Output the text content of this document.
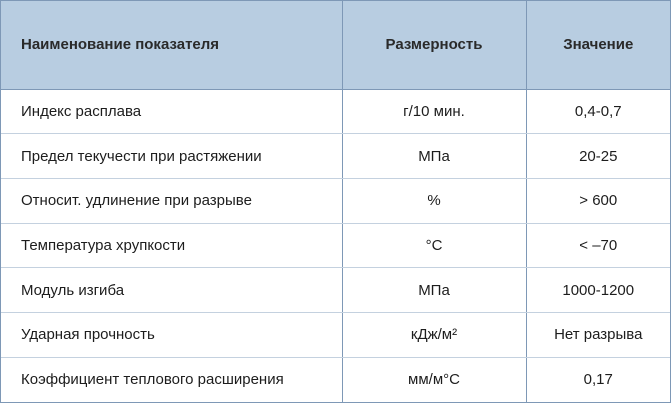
Наименование показателя	Размерность	Значение
Индекс расплава	г/10 мин.	0,4-0,7
Предел текучести при растяжении	МПа	20-25
Относит. удлинение при разрыве	%	> 600
Температура хрупкости	°С	< –70
Модуль изгиба	МПа	1000-1200
Ударная прочность	кДж/м²	Нет разрыва
Коэффициент теплового расширения	мм/м°С	0,17
